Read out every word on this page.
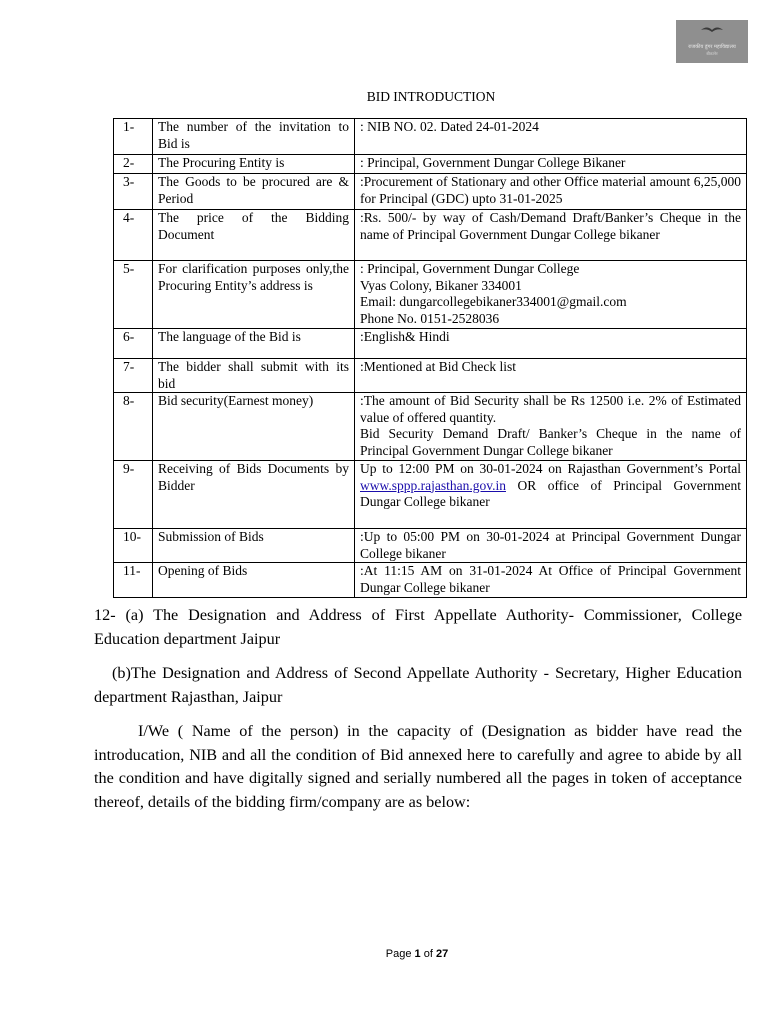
राजकीय डूंगर महाविद्यालय
बीकानेर
BID INTRODUCTION
1-	The number of the invitation to Bid is	: NIB NO. 02. Dated 24-01-2024
2-	The Procuring Entity is	: Principal, Government Dungar College Bikaner
3-	The Goods to be procured are & Period	:Procurement of Stationary and other Office material amount 6,25,000 for Principal (GDC) upto 31-01-2025
4-	The price of the Bidding Document	:Rs. 500/- by way of Cash/Demand Draft/Banker’s Cheque in the name of Principal Government Dungar College bikaner
5-	For clarification purposes only,the Procuring Entity’s address is	: Principal, Government Dungar College
Vyas Colony, Bikaner 334001
Email: dungarcollegebikaner334001@gmail.com
Phone No. 0151-2528036

6-	The language of the Bid is	:English& Hindi
7-	The bidder shall submit with its bid	:Mentioned at Bid Check list
8-	Bid security(Earnest money)	:The amount of Bid Security shall be Rs 12500 i.e. 2% of Estimated value of offered quantity.
Bid Security Demand Draft/ Banker’s Cheque in the name of Principal Government Dungar College bikaner

9-	Receiving of Bids Documents by Bidder	Up to 12:00 PM on 30-01-2024 on Rajasthan Government’s Portal www.sppp.rajasthan.gov.in OR office of Principal Government Dungar College bikaner
10-	Submission of Bids	:Up to 05:00 PM on 30-01-2024 at Principal Government Dungar College bikaner
11-	Opening of Bids	:At 11:15 AM on 31-01-2024 At Office of Principal Government Dungar College bikaner
12- (a) The Designation and Address of First Appellate Authority- Commissioner, College Education department Jaipur
(b)The Designation and Address of Second Appellate Authority - Secretary, Higher Education department Rajasthan, Jaipur
I/We ( Name of the person) in the capacity of (Designation as bidder have read the introducation, NIB and all the condition of Bid annexed here to carefully and agree to abide by all the condition and have digitally signed and serially numbered all the pages in token of acceptance thereof, details of the bidding firm/company are as below:
Page 1 of 27
